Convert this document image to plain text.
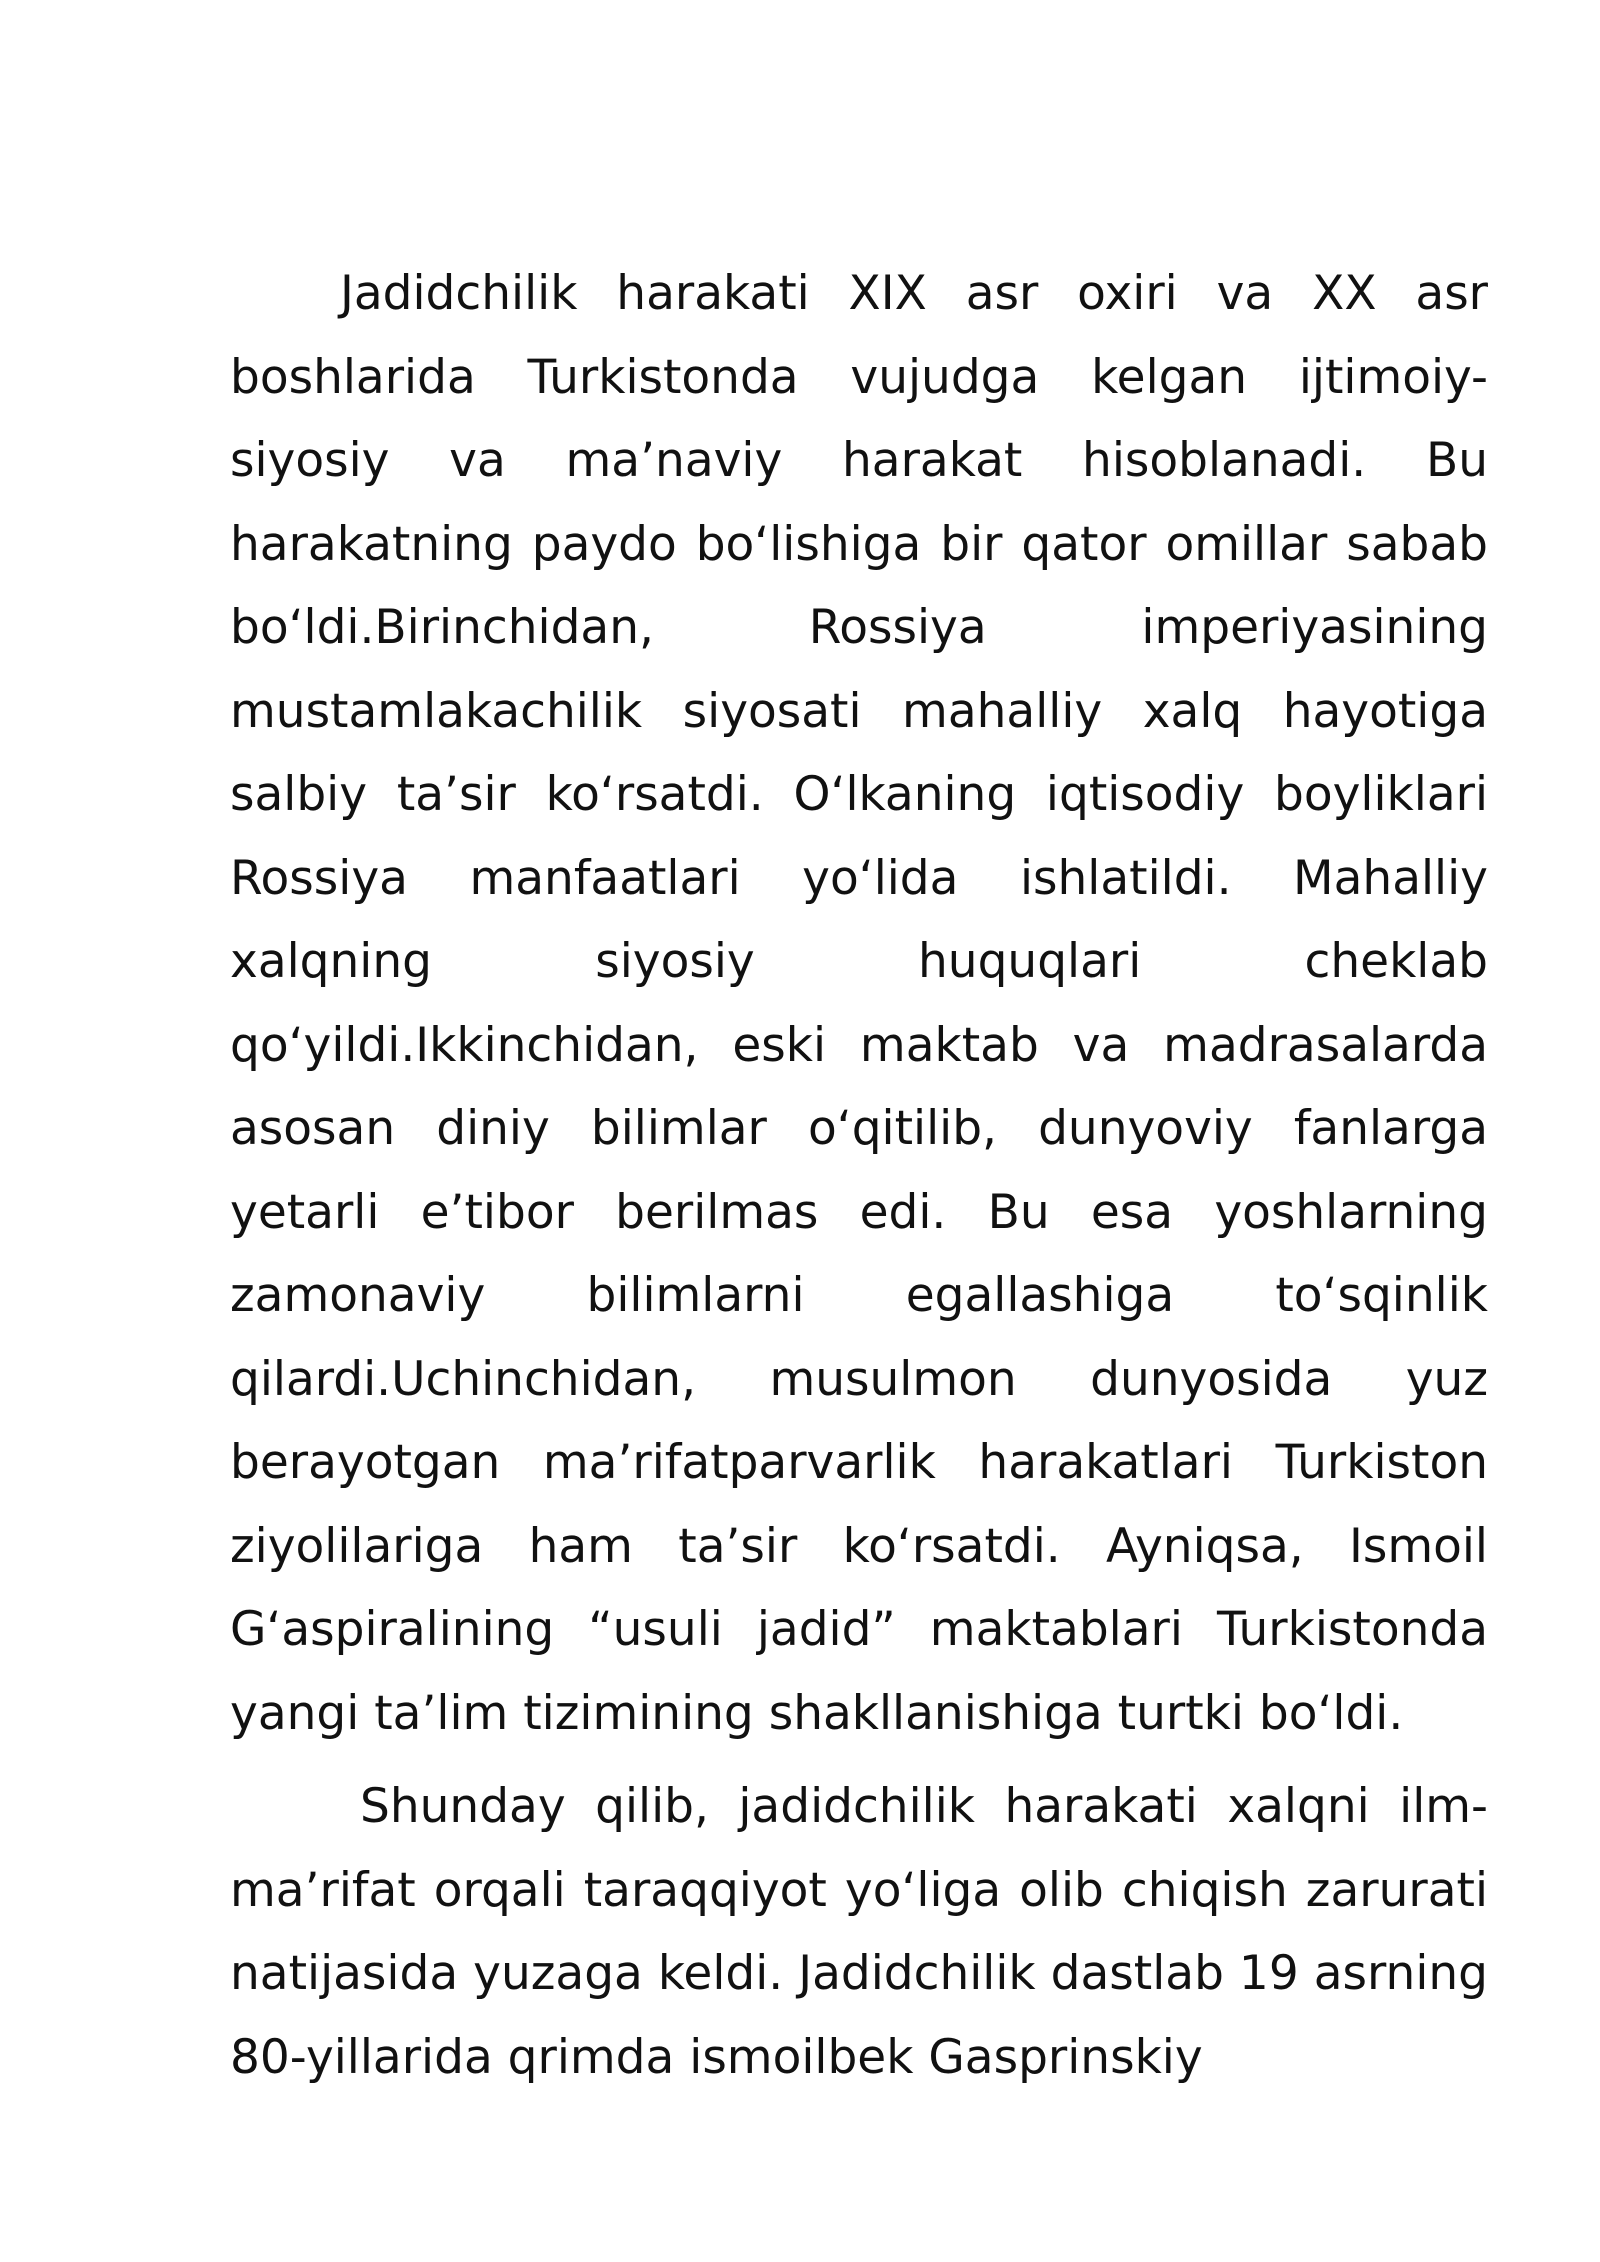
Jadidchilik harakati XIX asr oxiri va XX asr boshlarida Turkistonda vujudga kelgan ijtimoiy-siyosiy va ma’naviy harakat hisoblanadi. Bu harakatning paydo bo‘lishiga bir qator omillar sabab bo‘ldi.Birinchidan, Rossiya imperiyasining mustamlakachilik siyosati mahalliy xalq hayotiga salbiy ta’sir ko‘rsatdi. O‘lkaning iqtisodiy boyliklari Rossiya manfaatlari yo‘lida ishlatildi. Mahalliy xalqning siyosiy huquqlari cheklab qo‘yildi.Ikkinchidan, eski maktab va madrasalarda asosan diniy bilimlar o‘qitilib, dunyoviy fanlarga yetarli e’tibor berilmas edi. Bu esa yoshlarning zamonaviy bilimlarni egallashiga to‘sqinlik qilardi.Uchinchidan, musulmon dunyosida yuz berayotgan ma’rifatparvarlik harakatlari Turkiston ziyolilariga ham ta’sir ko‘rsatdi. Ayniqsa, Ismoil G‘aspiralining “usuli jadid” maktablari Turkistonda yangi ta’lim tizimining shakllanishiga turtki bo‘ldi.

Shunday qilib, jadidchilik harakati xalqni ilm-ma’rifat orqali taraqqiyot yo‘liga olib chiqish zarurati natijasida yuzaga keldi. Jadidchilik dastlab 19 asrning 80-yillarida qrimda ismoilbek Gasprinskiy
